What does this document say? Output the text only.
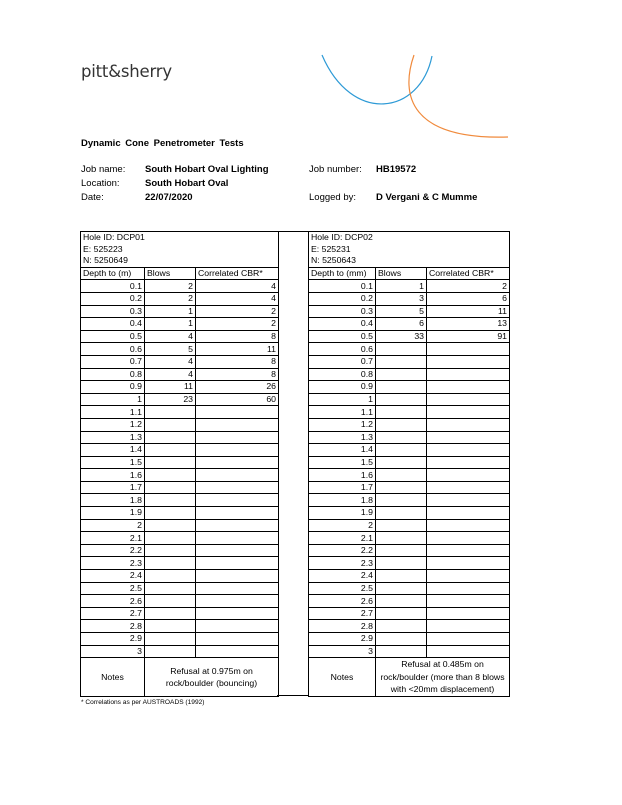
pitt&sherry
Dynamic Cone Penetrometer Tests
Job name: South Hobart Oval Lighting
Location:	South Hobart Oval
Date:	22/07/2020
Job number: HB19572
Logged by: D Vergani & C Mumme
Hole ID: DCP01		
E: 525223		
N: 5250649		
Depth to (m)	Blows	Correlated CBR*
0.1	2	4
0.2	2	4
0.3	1	2
0.4	1	2
0.5	4	8
0.6	5	11
0.7	4	8
0.8	4	8
0.9	11	26
1	23	60
1.1		
1.2		
1.3		
1.4		
1.5		
1.6		
1.7		
1.8		
1.9		
2		
2.1		
2.2		
2.3		
2.4		
2.5		
2.6		
2.7		
2.8		
2.9		
3		
Notes	Refusal at 0.975m on rock/boulder (bouncing)	
Hole ID: DCP02		
E: 525231		
N: 5250643		
Depth to (mm)	Blows	Correlated CBR*
0.1	1	2
0.2	3	6
0.3	5	11
0.4	6	13
0.5	33	91
0.6		
0.7		
0.8		
0.9		
1		
1.1		
1.2		
1.3		
1.4		
1.5		
1.6		
1.7		
1.8		
1.9		
2		
2.1		
2.2		
2.3		
2.4		
2.5		
2.6		
2.7		
2.8		
2.9		
3		
Notes	Refusal at 0.485m on rock/boulder (more than 8 blows with <20mm displacement)	
* Correlations as per AUSTROADS (1992)
